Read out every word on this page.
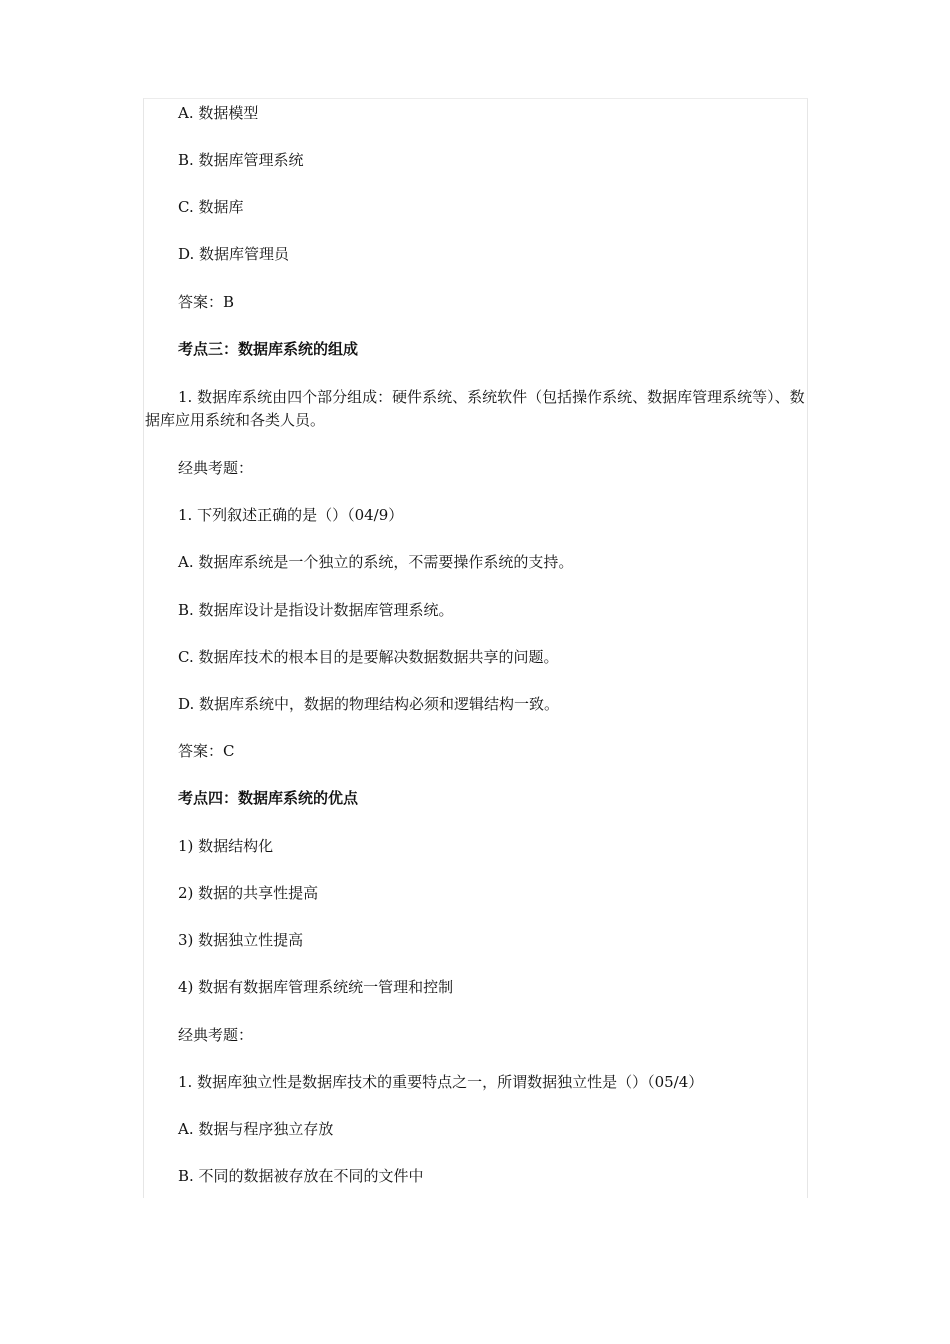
A. 数据模型
B. 数据库管理系统
C. 数据库
D. 数据库管理员
答案：B
考点三：数据库系统的组成
1. 数据库系统由四个部分组成：硬件系统、系统软件（包括操作系统、数据库管理系统等）、数据库应用系统和各类人员。
经典考题：
1. 下列叙述正确的是（）（04/9）
A. 数据库系统是一个独立的系统，不需要操作系统的支持。
B. 数据库设计是指设计数据库管理系统。
C. 数据库技术的根本目的是要解决数据数据共享的问题。
D. 数据库系统中，数据的物理结构必须和逻辑结构一致。
答案：C
考点四：数据库系统的优点
1) 数据结构化
2) 数据的共享性提高
3) 数据独立性提高
4) 数据有数据库管理系统统一管理和控制
经典考题：
1. 数据库独立性是数据库技术的重要特点之一，所谓数据独立性是（）（05/4）
A. 数据与程序独立存放
B. 不同的数据被存放在不同的文件中
